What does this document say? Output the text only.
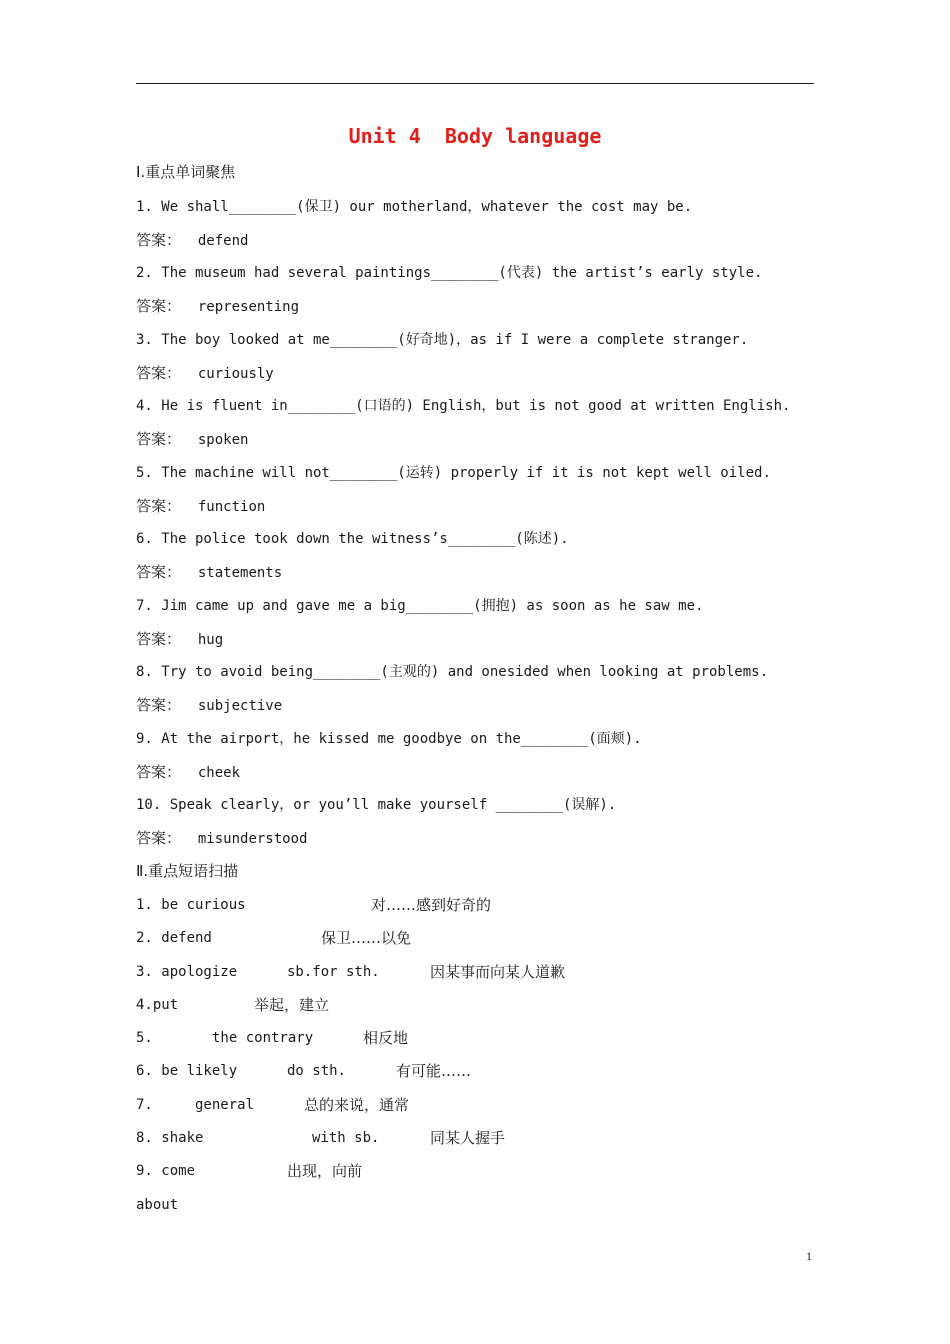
Unit 4  Body language
Ⅰ.重点单词聚焦
1. We shall________(保卫) our motherland，whatever the cost may be.
答案： defend
2. The museum had several paintings________(代表) the artist’s early style.
答案： representing
3. The boy looked at me________(好奇地)，as if I were a complete stranger.
答案： curiously
4. He is fluent in________(口语的) English，but is not good at written English.
答案： spoken
5. The machine will not________(运转) properly if it is not kept well oiled.
答案： function
6. The police took down the witness’s________(陈述).
答案： statements
7. Jim came up and gave me a big________(拥抱) as soon as he saw me.
答案： hug
8. Try to avoid being________(主观的) and onesided when looking at problems.
答案： subjective
9. At the airport，he kissed me goodbye on the________(面颊).
答案： cheek
10. Speak clearly，or you’ll make yourself ________(误解).
答案： misunderstood
Ⅱ.重点短语扫描
1. be curious	对……感到好奇的
2. defend	保卫……以免
3. apologize	sb.for sth.	因某事而向某人道歉
4.put	举起，建立
5.	the contrary	相反地
6. be likely	do sth.	有可能……
7.	general	总的来说，通常
8. shake	with sb.	同某人握手
9. come	出现，向前
about
1
